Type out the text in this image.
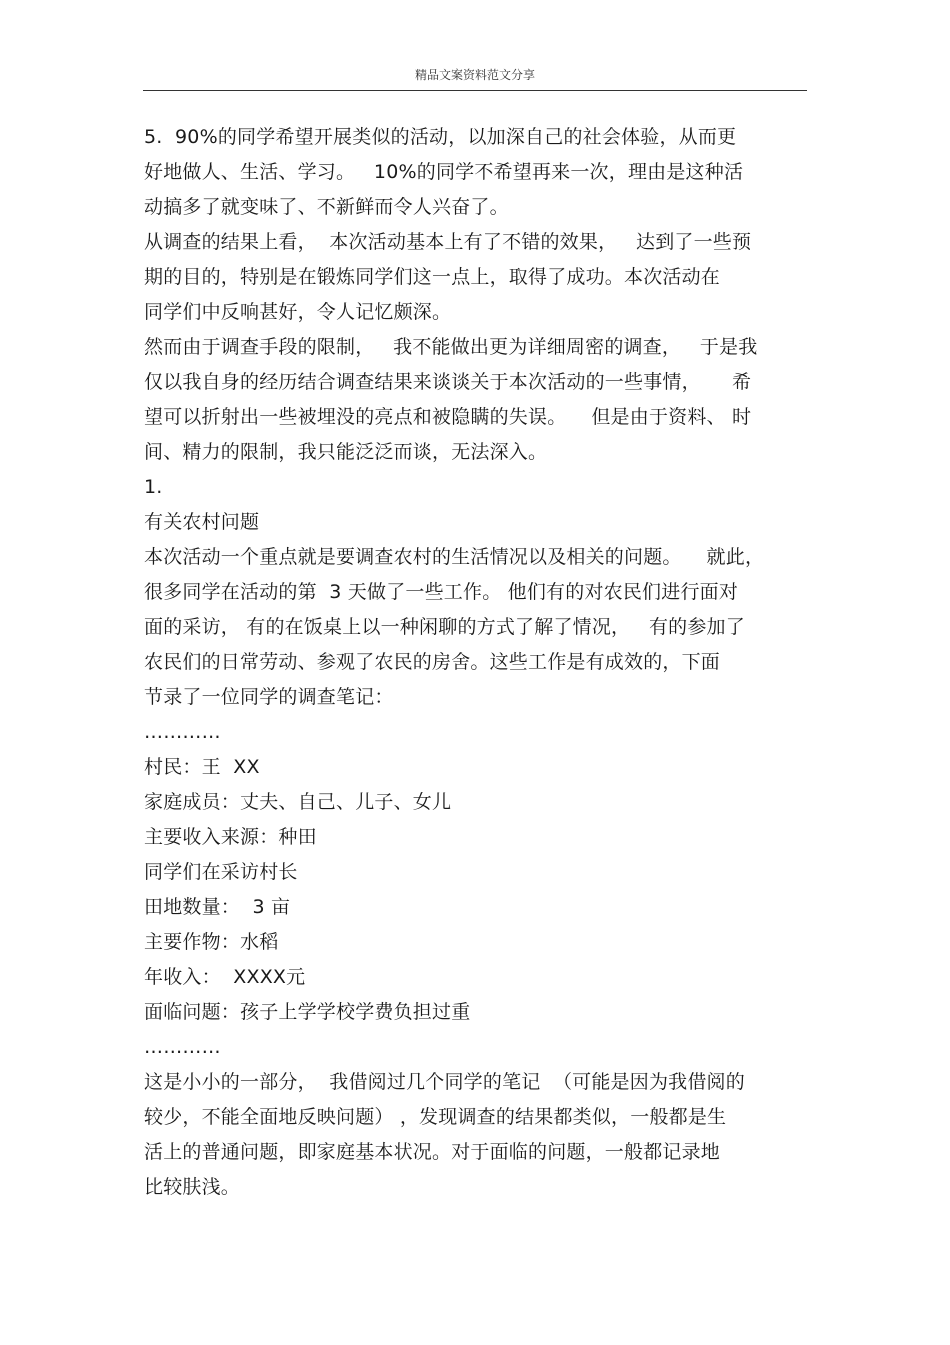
精品文案资料范文分享
5.  90%的同学希望开展类似的活动，以加深自己的社会体验，从而更
好地做人、生活、学习。   10%的同学不希望再来一次，理由是这种活
动搞多了就变味了、不新鲜而令人兴奋了。
从调查的结果上看，  本次活动基本上有了不错的效果，   达到了一些预
期的目的，特别是在锻炼同学们这一点上，取得了成功。本次活动在
同学们中反响甚好，令人记忆颇深。
然而由于调查手段的限制，   我不能做出更为详细周密的调查，   于是我
仅以我自身的经历结合调查结果来谈谈关于本次活动的一些事情，     希
望可以折射出一些被埋没的亮点和被隐瞒的失误。    但是由于资料、 时
间、精力的限制，我只能泛泛而谈，无法深入。
1.
有关农村问题
本次活动一个重点就是要调查农村的生活情况以及相关的问题。    就此，
很多同学在活动的第  3 天做了一些工作。 他们有的对农民们进行面对
面的采访， 有的在饭桌上以一种闲聊的方式了解了情况，   有的参加了
农民们的日常劳动、参观了农民的房舍。这些工作是有成效的，下面
节录了一位同学的调查笔记：
…………
村民：王  XX
家庭成员：丈夫、自己、儿子、女儿
主要收入来源：种田
同学们在采访村长
田地数量：  3 亩
主要作物：水稻
年收入：  XXXX元
面临问题：孩子上学学校学费负担过重
…………
这是小小的一部分，  我借阅过几个同学的笔记  （可能是因为我借阅的
较少，不能全面地反映问题） ，发现调查的结果都类似，一般都是生
活上的普通问题，即家庭基本状况。对于面临的问题，一般都记录地
比较肤浅。
